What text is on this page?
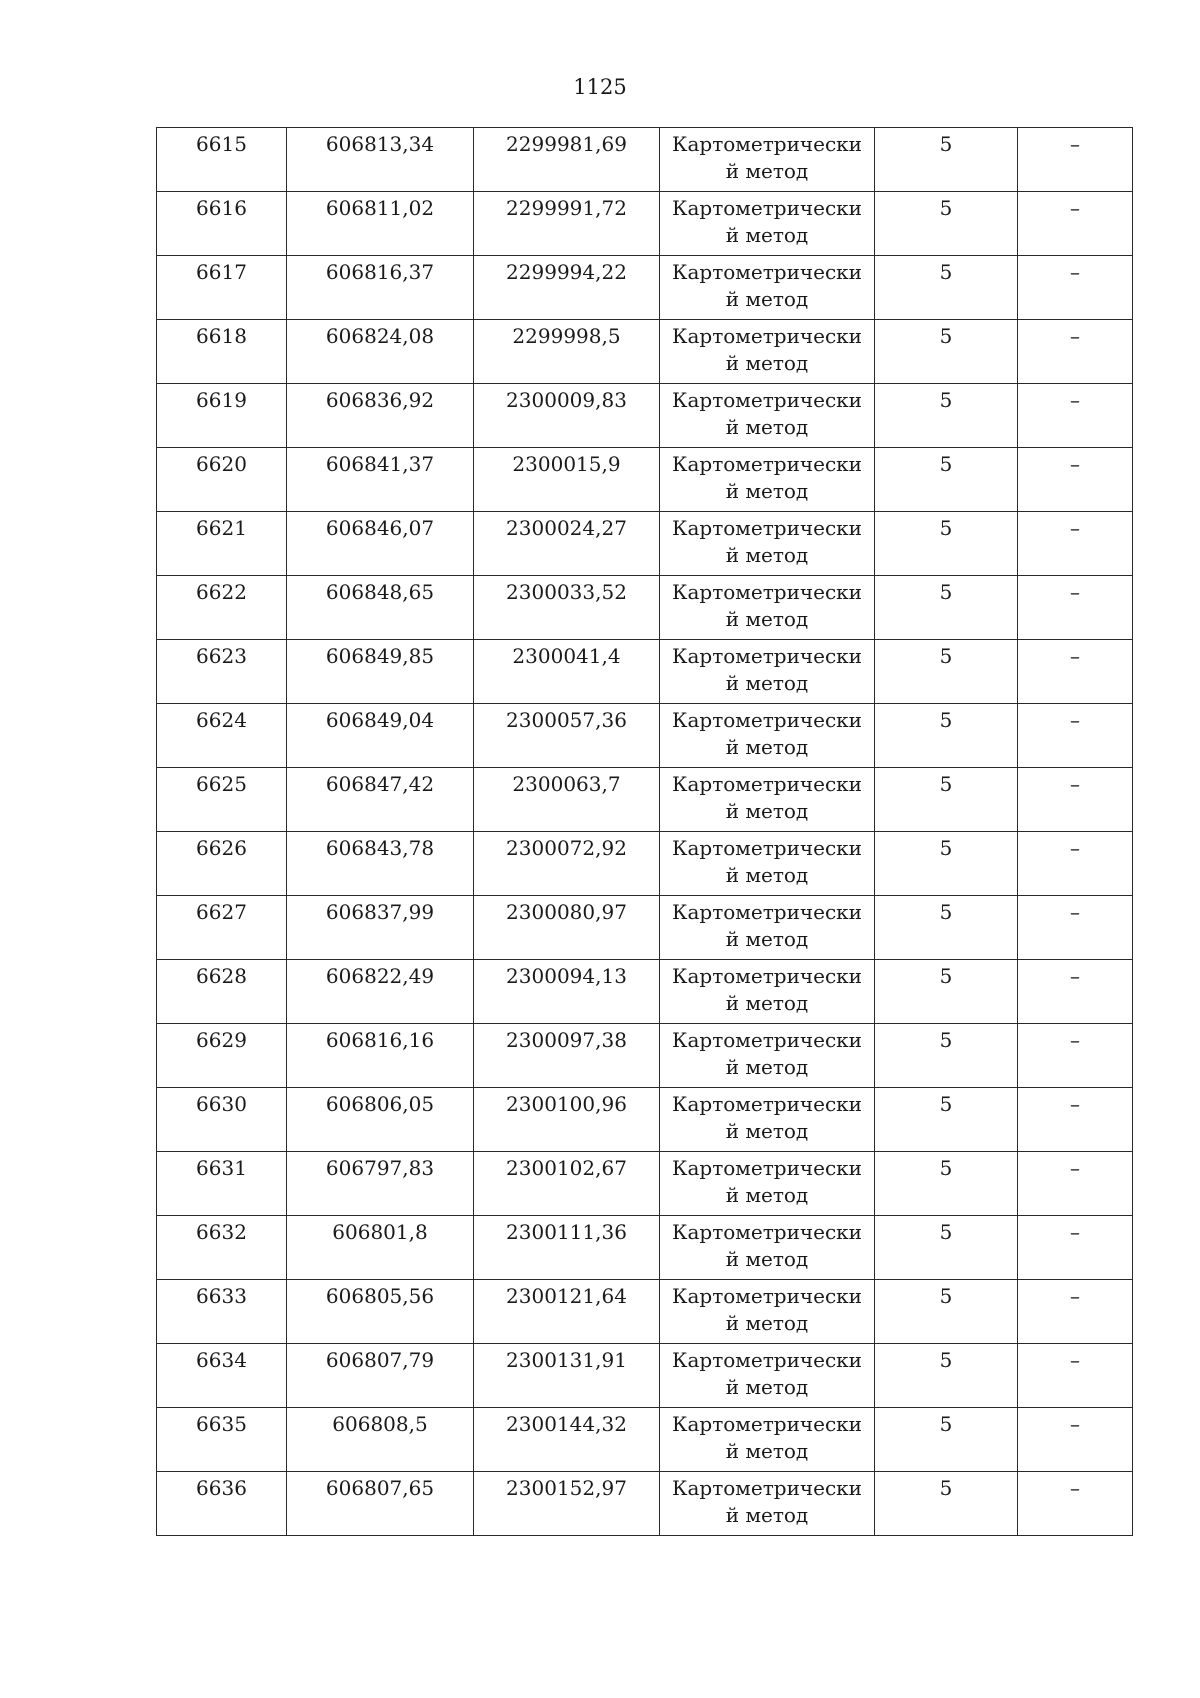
1125
6615	606813,34	2299981,69	Картометрически й метод	5	–

6616	606811,02	2299991,72	Картометрически й метод	5	–

6617	606816,37	2299994,22	Картометрически й метод	5	–

6618	606824,08	2299998,5	Картометрически й метод	5	–

6619	606836,92	2300009,83	Картометрически й метод	5	–

6620	606841,37	2300015,9	Картометрически й метод	5	–

6621	606846,07	2300024,27	Картометрически й метод	5	–

6622	606848,65	2300033,52	Картометрически й метод	5	–

6623	606849,85	2300041,4	Картометрически й метод	5	–

6624	606849,04	2300057,36	Картометрически й метод	5	–

6625	606847,42	2300063,7	Картометрически й метод	5	–

6626	606843,78	2300072,92	Картометрически й метод	5	–

6627	606837,99	2300080,97	Картометрически й метод	5	–

6628	606822,49	2300094,13	Картометрически й метод	5	–

6629	606816,16	2300097,38	Картометрически й метод	5	–

6630	606806,05	2300100,96	Картометрически й метод	5	–

6631	606797,83	2300102,67	Картометрически й метод	5	–

6632	606801,8	2300111,36	Картометрически й метод	5	–

6633	606805,56	2300121,64	Картометрически й метод	5	–

6634	606807,79	2300131,91	Картометрически й метод	5	–

6635	606808,5	2300144,32	Картометрически й метод	5	–

6636	606807,65	2300152,97	Картометрически й метод	5	–
